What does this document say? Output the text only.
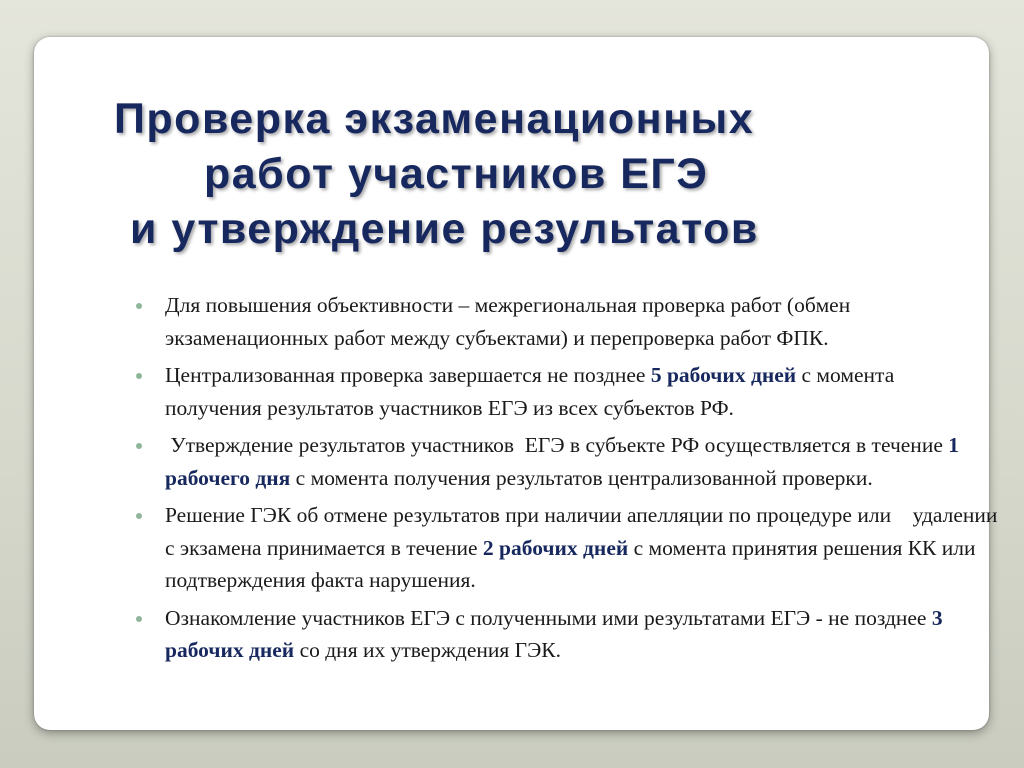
Проверка экзаменационных
работ участников ЕГЭ
и утверждение результатов
Для повышения объективности – межрегиональная проверка работ (обмен экзаменационных работ между субъектами) и перепроверка работ ФПК.
Централизованная проверка завершается не позднее 5 рабочих дней с момента    получения результатов участников ЕГЭ из всех субъектов РФ.
Утверждение результатов участников  ЕГЭ в субъекте РФ осуществляется в течение 1 рабочего дня с момента получения результатов централизованной проверки.
Решение ГЭК об отмене результатов при наличии апелляции по процедуре или    удалении с экзамена принимается в течение 2 рабочих дней с момента принятия решения КК или подтверждения факта нарушения.
Ознакомление участников ЕГЭ с полученными ими результатами ЕГЭ - не позднее 3 рабочих дней со дня их утверждения ГЭК.
